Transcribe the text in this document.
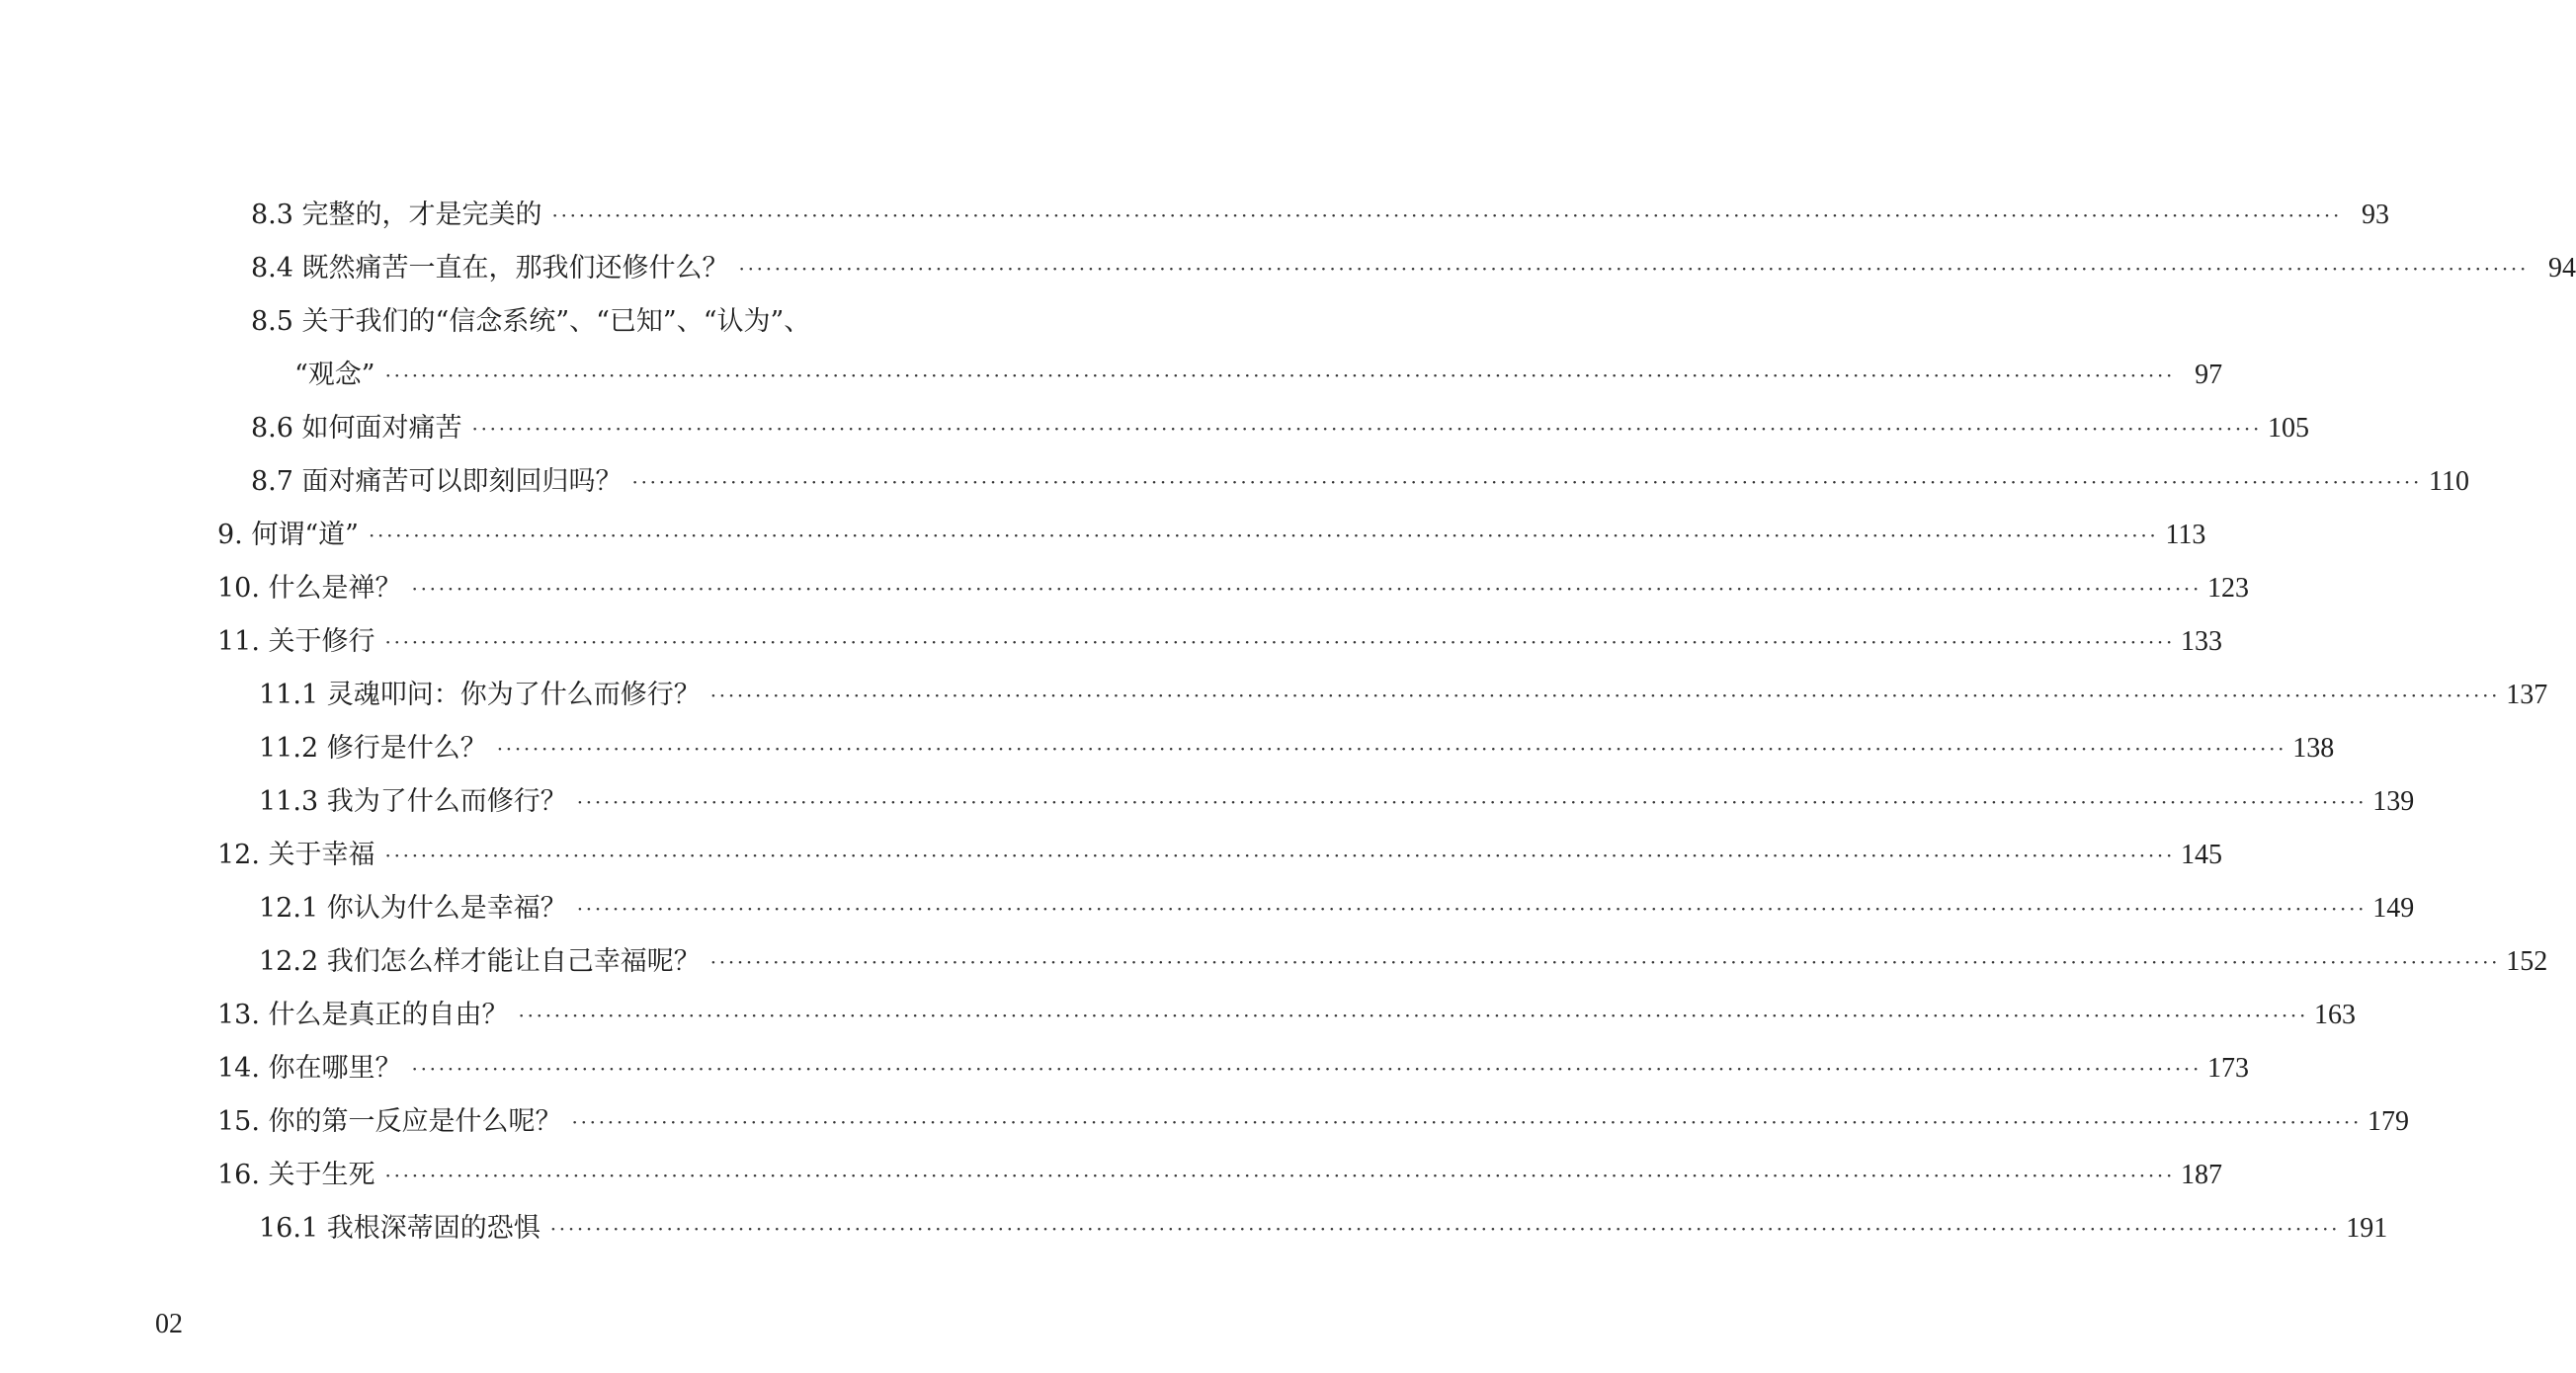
8.3 完整的，才是完美的 ········································································································································································································ 93
8.4 既然痛苦一直在，那我们还修什么？ ········································································································································································································ 94
8.5 关于我们的“信念系统”、“已知”、“认为”、
“观念” ········································································································································································································ 97
8.6 如何面对痛苦 ········································································································································································································ 105
8.7 面对痛苦可以即刻回归吗？ ········································································································································································································ 110
9. 何谓“道” ········································································································································································································ 113
10. 什么是禅？ ········································································································································································································ 123
11. 关于修行 ········································································································································································································ 133
11.1 灵魂叩问：你为了什么而修行？ ········································································································································································································ 137
11.2 修行是什么？ ········································································································································································································ 138
11.3 我为了什么而修行？ ········································································································································································································ 139
12. 关于幸福 ········································································································································································································ 145
12.1 你认为什么是幸福？ ········································································································································································································ 149
12.2 我们怎么样才能让自己幸福呢？ ········································································································································································································ 152
13. 什么是真正的自由？ ········································································································································································································ 163
14. 你在哪里？ ········································································································································································································ 173
15. 你的第一反应是什么呢？ ········································································································································································································ 179
16. 关于生死 ········································································································································································································ 187
16.1 我根深蒂固的恐惧 ········································································································································································································ 191
02
